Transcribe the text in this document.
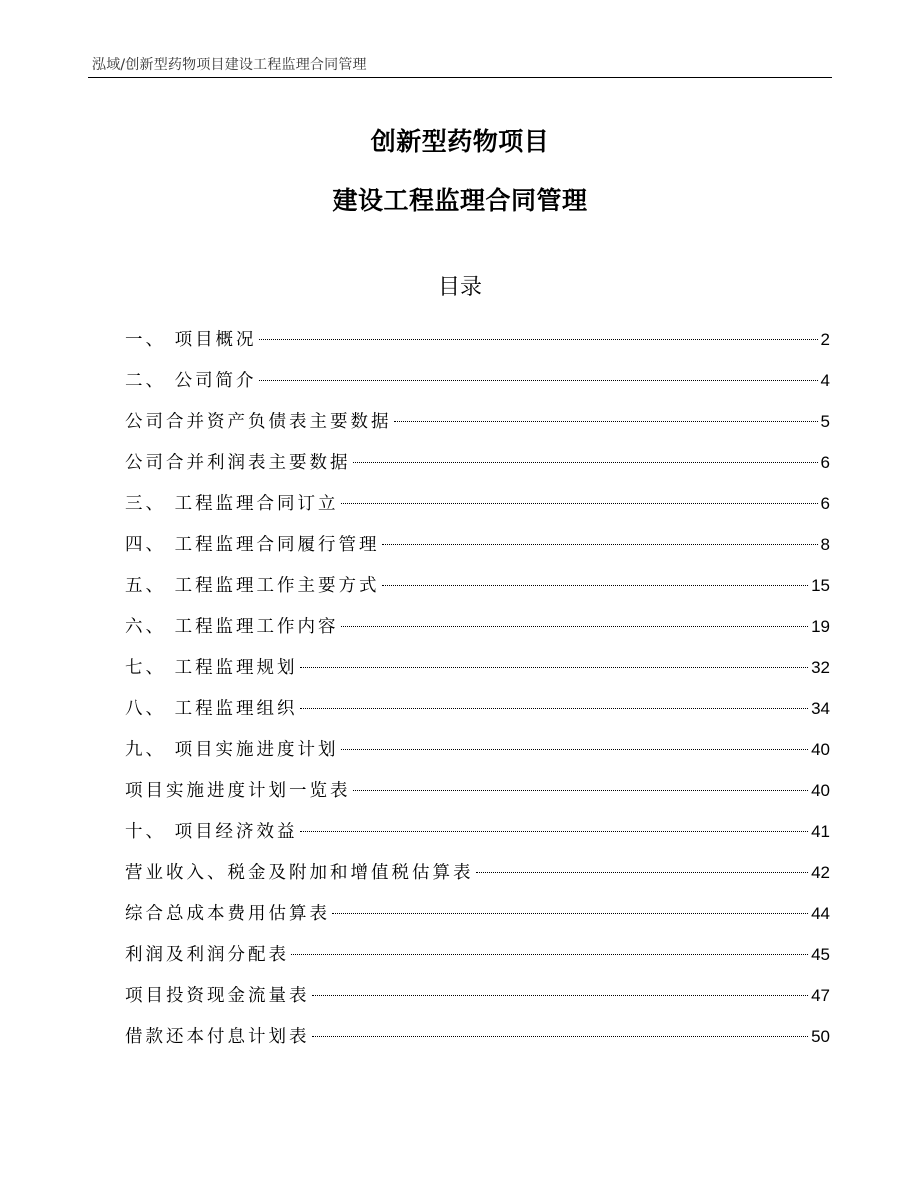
泓域/创新型药物项目建设工程监理合同管理
创新型药物项目
建设工程监理合同管理
目录
一、 项目概况	2
二、 公司简介	4
公司合并资产负债表主要数据	5
公司合并利润表主要数据	6
三、 工程监理合同订立	6
四、 工程监理合同履行管理	8
五、 工程监理工作主要方式	15
六、 工程监理工作内容	19
七、 工程监理规划	32
八、 工程监理组织	34
九、 项目实施进度计划	40
项目实施进度计划一览表	40
十、 项目经济效益	41
营业收入、税金及附加和增值税估算表	42
综合总成本费用估算表	44
利润及利润分配表	45
项目投资现金流量表	47
借款还本付息计划表	50
